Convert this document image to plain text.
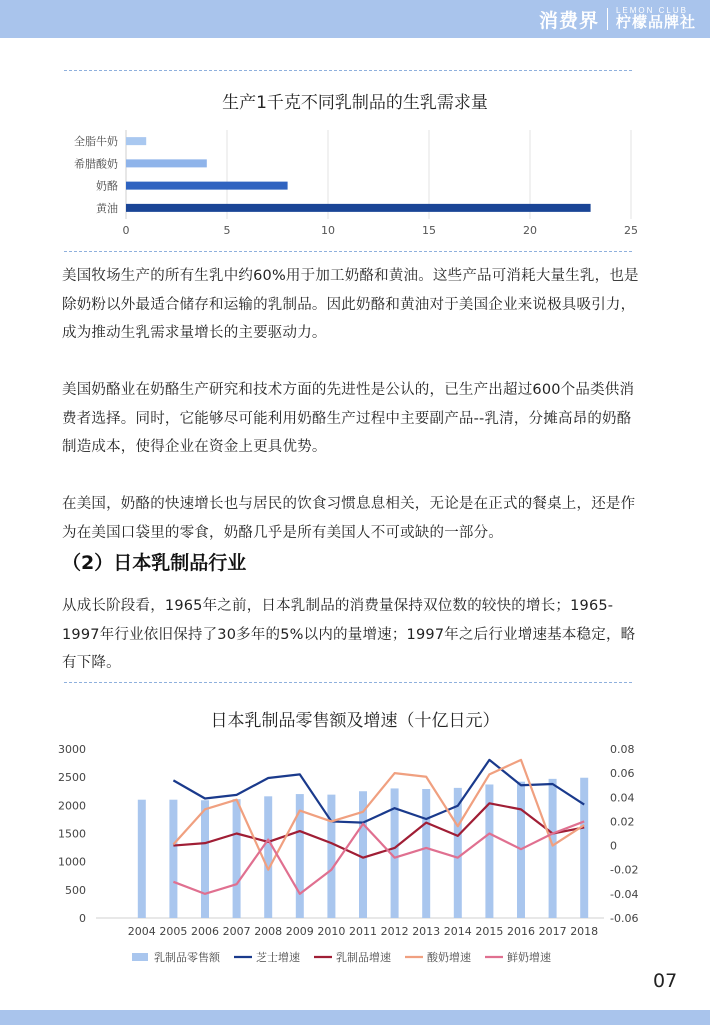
消费界 LEMON CLUB
柠檬品牌社
生产1千克不同乳制品的生乳需求量
0	5	10	15	20	25
全脂牛奶
希腊酸奶
奶酪
黄油
美国牧场生产的所有生乳中约60%用于加工奶酪和黄油。这些产品可消耗大量生乳，也是除奶粉以外最适合储存和运输的乳制品。因此奶酪和黄油对于美国企业来说极具吸引力，成为推动生乳需求量增长的主要驱动力。
美国奶酪业在奶酪生产研究和技术方面的先进性是公认的，已生产出超过600个品类供消费者选择。同时，它能够尽可能利用奶酪生产过程中主要副产品--乳清，分摊高昂的奶酪制造成本，使得企业在资金上更具优势。
在美国，奶酪的快速增长也与居民的饮食习惯息息相关，无论是在正式的餐桌上，还是作为在美国口袋里的零食，奶酪几乎是所有美国人不可或缺的一部分。
（2）日本乳制品行业
从成长阶段看，1965年之前，日本乳制品的消费量保持双位数的较快的增长；1965-1997年行业依旧保持了30多年的5%以内的量增速；1997年之后行业增速基本稳定，略有下降。
日本乳制品零售额及增速（十亿日元）
0
500
1000
1500
2000
2500
3000
-0.06
-0.04
-0.02
0
0.02
0.04
0.06
0.08
2004 2005 2006 2007 2008 2009 2010 2011 2012 2013 2014 2015 2016 2017 2018
乳制品零售额	芝士增速	乳制品增速	酸奶增速	鲜奶增速
07
